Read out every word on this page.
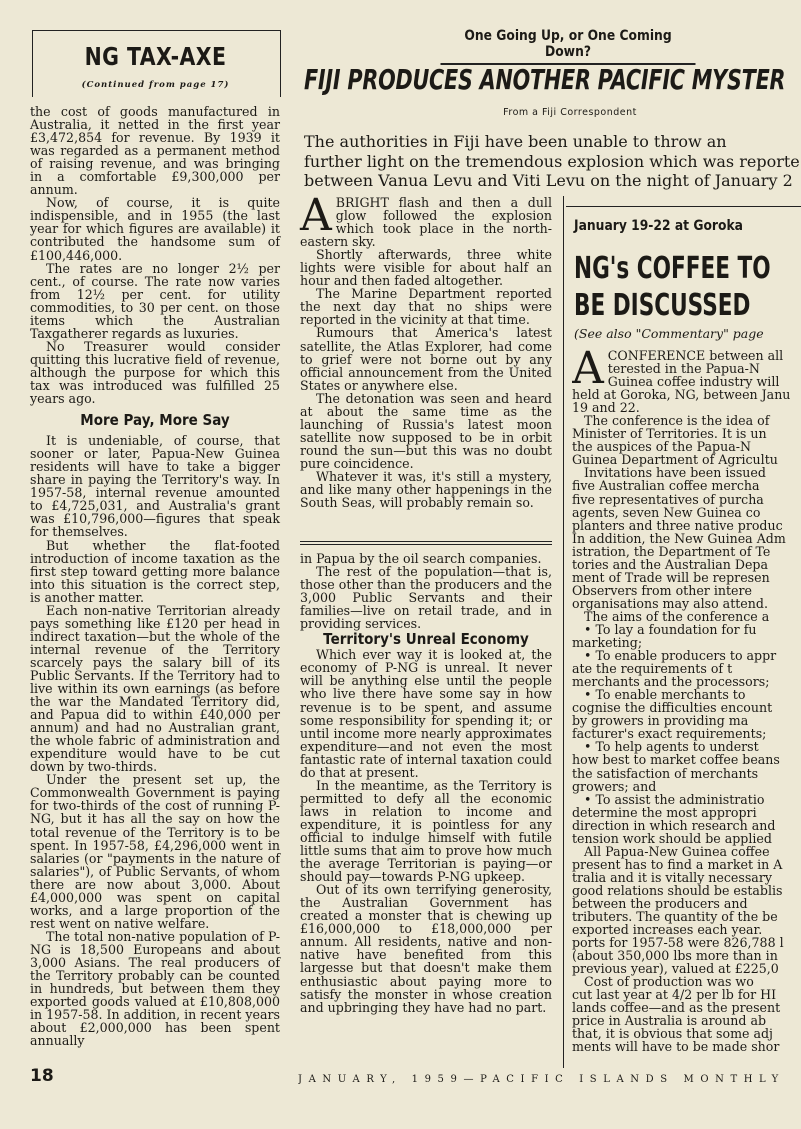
NG TAX-AXE
(Continued from page 17)

the cost of goods manufactured in Australia, it netted in the first year £3,472,854 for revenue. By 1939 it was regarded as a permanent method of raising revenue, and was bringing in a comfortable £9,300,000 per annum.

Now, of course, it is quite indispensible, and in 1955 (the last year for which figures are available) it contributed the handsome sum of £100,446,000.

The rates are no longer 2½ per cent., of course. The rate now varies from 12½ per cent. for utility commodities, to 30 per cent. on those items which the Australian Taxgatherer regards as luxuries.

No Treasurer would consider quitting this lucrative field of revenue, although the purpose for which this tax was introduced was fulfilled 25 years ago.

More Pay, More Say

It is undeniable, of course, that sooner or later, Papua-New Guinea residents will have to take a bigger share in paying the Territory's way. In 1957-58, internal revenue amounted to £4,725,031, and Australia's grant was £10,796,000—figures that speak for themselves.

But whether the flat-footed introduction of income taxation as the first step toward getting more balance into this situation is the correct step, is another matter.

Each non-native Territorian already pays something like £120 per head in indirect taxation—but the whole of the internal revenue of the Territory scarcely pays the salary bill of its Public Servants. If the Territory had to live within its own earnings (as before the war the Mandated Territory did, and Papua did to within £40,000 per annum) and had no Australian grant, the whole fabric of administration and expenditure would have to be cut down by two-thirds.

Under the present set up, the Commonwealth Government is paying for two-thirds of the cost of running P-NG, but it has all the say on how the total revenue of the Territory is to be spent. In 1957-58, £4,296,000 went in salaries (or "payments in the nature of salaries"), of Public Servants, of whom there are now about 3,000. About £4,000,000 was spent on capital works, and a large proportion of the rest went on native welfare.

The total non-native population of P-NG is 18,500 Europeans and about 3,000 Asians. The real producers of the Territory probably can be counted in hundreds, but between them they exported goods valued at £10,808,000 in 1957-58. In addition, in recent years about £2,000,000 has been spent annually

One Going Up, or One Coming Down?
FIJI PRODUCES ANOTHER PACIFIC MYSTER
From a Fiji Correspondent

The authorities in Fiji have been unable to throw an

further light on the tremendous explosion which was reporte

between Vanua Levu and Viti Levu on the night of January 2

ABRIGHT flash and then a dull glow followed the explosion which took place in the north-eastern sky.

Shortly afterwards, three white lights were visible for about half an hour and then faded altogether.

The Marine Department reported the next day that no ships were reported in the vicinity at that time.

Rumours that America's latest satellite, the Atlas Explorer, had come to grief were not borne out by any official announcement from the United States or anywhere else.

The detonation was seen and heard at about the same time as the launching of Russia's latest moon satellite now supposed to be in orbit round the sun—but this was no doubt pure coincidence.

Whatever it was, it's still a mystery, and like many other happenings in the South Seas, will probably remain so.

in Papua by the oil search companies.

The rest of the population—that is, those other than the producers and the 3,000 Public Servants and their families—live on retail trade, and in providing services.

Territory's Unreal Economy

Which ever way it is looked at, the economy of P-NG is unreal. It never will be anything else until the people who live there have some say in how revenue is to be spent, and assume some responsibility for spending it; or until income more nearly approximates expenditure—and not even the most fantastic rate of internal taxation could do that at present.

In the meantime, as the Territory is permitted to defy all the economic laws in relation to income and expenditure, it is pointless for any official to indulge himself with futile little sums that aim to prove how much the average Territorian is paying—or should pay—towards P-NG upkeep.

Out of its own terrifying generosity, the Australian Government has created a monster that is chewing up £16,000,000 to £18,000,000 per annum. All residents, native and non-native have benefited from this largesse but that doesn't make them enthusiastic about paying more to satisfy the monster in whose creation and upbringing they have had no part.

January 19-22 at Goroka
NG's COFFEE TO
BE DISCUSSED
(See also "Commentary" page
A CONFERENCE between all

terested in the Papua-N

Guinea coffee industry will

held at Goroka, NG, between Janu

19 and 22.

The conference is the idea of

Minister of Territories. It is un

the auspices of the Papua-N

Guinea Department of Agricultu

Invitations have been issued

five Australian coffee mercha

five representatives of purcha

agents, seven New Guinea co

planters and three native produc

In addition, the New Guinea Adm

istration, the Department of Te

tories and the Australian Depa

ment of Trade will be represen

Observers from other intere

organisations may also attend.

The aims of the conference a

• To lay a foundation for fu

marketing;

• To enable producers to appr

ate the requirements of t

merchants and the processors;

• To enable merchants to

cognise the difficulties encount

by growers in providing ma

facturer's exact requirements;

• To help agents to underst

how best to market coffee beans

the satisfaction of merchants

growers; and

• To assist the administratio

determine the most appropri

direction in which research and

tension work should be applied

All Papua-New Guinea coffee

present has to find a market in A

tralia and it is vitally necessary

good relations should be establis

between the producers and

tributers. The quantity of the be

exported increases each year.

ports for 1957-58 were 826,788 l

(about 350,000 lbs more than in

previous year), valued at £225,0

Cost of production was wo

cut last year at 4/2 per lb for HI

lands coffee—and as the present

price in Australia is around ab

that, it is obvious that some adj

ments will have to be made shor

18	JANUARY, 1959—PACIFIC ISLANDS MONTHLY
